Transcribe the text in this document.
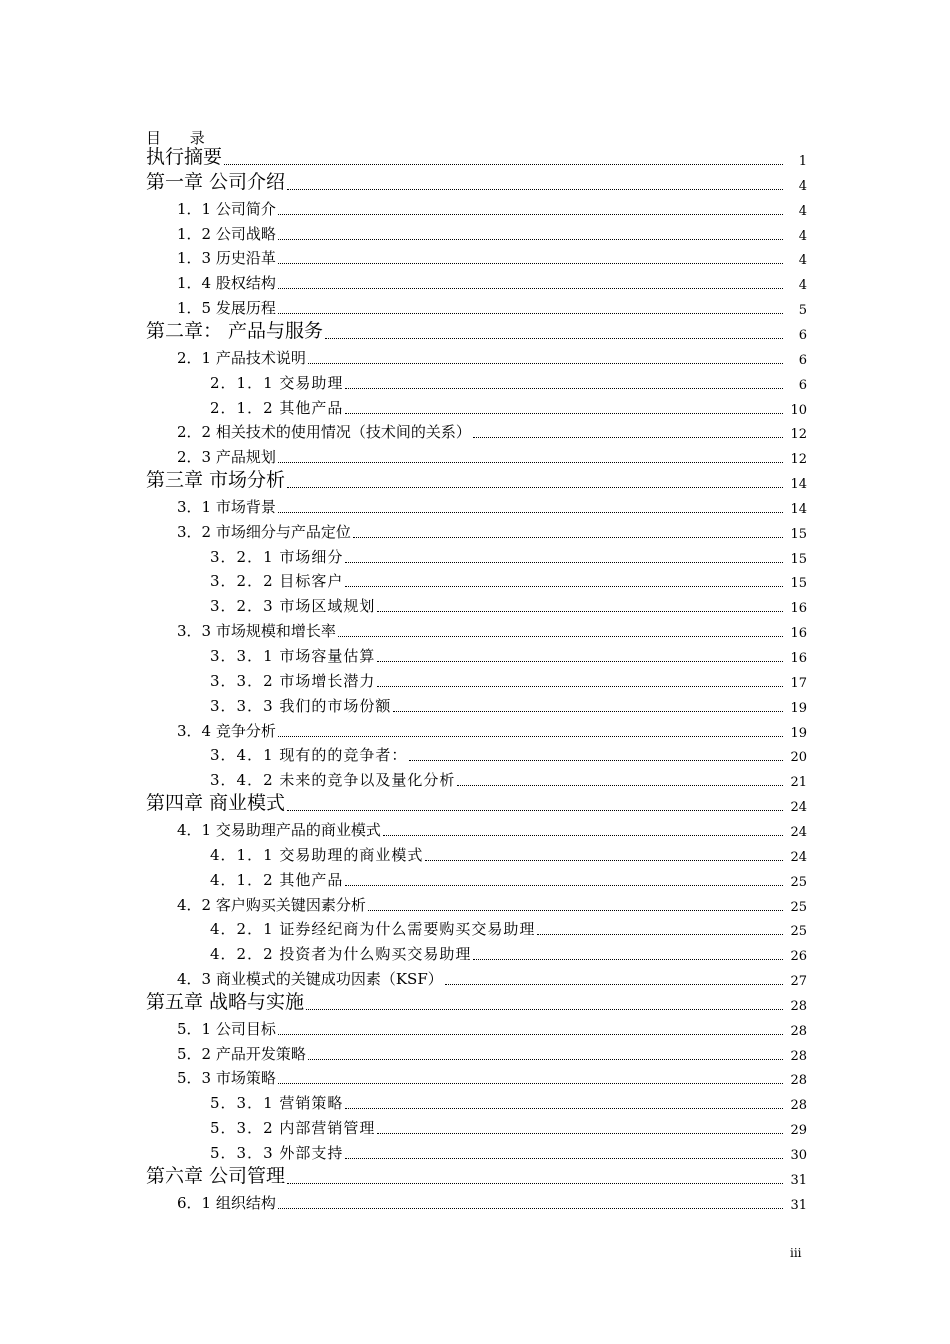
目 录
执行摘要	1
第一章 公司介绍	4
1．1 公司简介	4
1．2 公司战略	4
1．3 历史沿革	4
1．4 股权结构	4
1．5 发展历程	5
第二章： 产品与服务	6
2．1 产品技术说明	6
2．1．1 交易助理	6
2．1．2 其他产品	10
2．2 相关技术的使用情况（技术间的关系）	12
2．3 产品规划	12
第三章 市场分析	14
3．1 市场背景	14
3．2 市场细分与产品定位	15
3．2．1 市场细分	15
3．2．2 目标客户	15
3．2．3 市场区域规划	16
3．3 市场规模和增长率	16
3．3．1 市场容量估算	16
3．3．2 市场增长潜力	17
3．3．3 我们的市场份额	19
3．4 竞争分析	19
3．4．1 现有的的竞争者：	20
3．4．2 未来的竞争以及量化分析	21
第四章 商业模式	24
4．1 交易助理产品的商业模式	24
4．1．1 交易助理的商业模式	24
4．1．2 其他产品	25
4．2 客户购买关键因素分析	25
4．2．1 证券经纪商为什么需要购买交易助理	25
4．2．2 投资者为什么购买交易助理	26
4．3 商业模式的关键成功因素（KSF）	27
第五章 战略与实施	28
5．1 公司目标	28
5．2 产品开发策略	28
5．3 市场策略	28
5．3．1 营销策略	28
5．3．2 内部营销管理	29
5．3．3 外部支持	30
第六章 公司管理	31
6．1 组织结构	31
iii
